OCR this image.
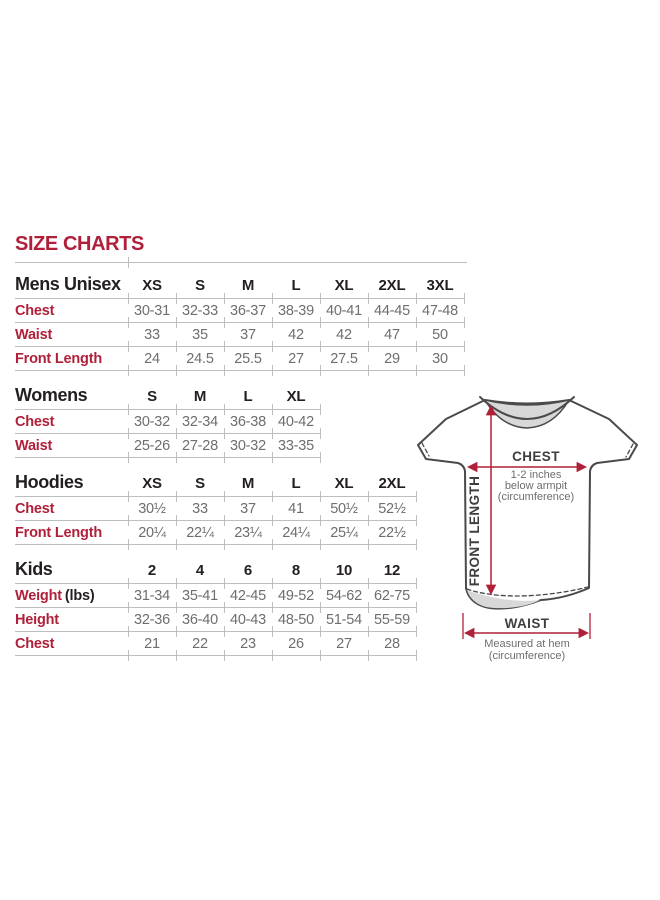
SIZE CHARTS
Mens Unisex	XS	S	M	L	XL	2XL	3XL
Chest	30-31 32-33 36-37 38-39 40-41 44-45 47-48
Waist	33	35	37	42	42	47	50
Front Length	24	24.5	25.5	27	27.5	29	30
Womens	S	M	L	XL
Chest	30-32 32-34 36-38 40-42
Waist	25-26 27-28 30-32 33-35
Hoodies	XS	S	M	L	XL	2XL
Chest	30½	33	37	41	50½	52½
Front Length	20¼	22¼	23¼	24¼	25¼	22½
Kids	2	4	6	8	10	12
Weight (lbs)	31-34 35-41 42-45 49-52 54-62 62-75
Height	32-36 36-40 40-43 48-50 51-54 55-59
Chest	21	22	23	26	27	28
CHEST
1-2 inches
below armpit
(circumference)
FRONT LENGTH
WAIST
Measured at hem
(circumference)
